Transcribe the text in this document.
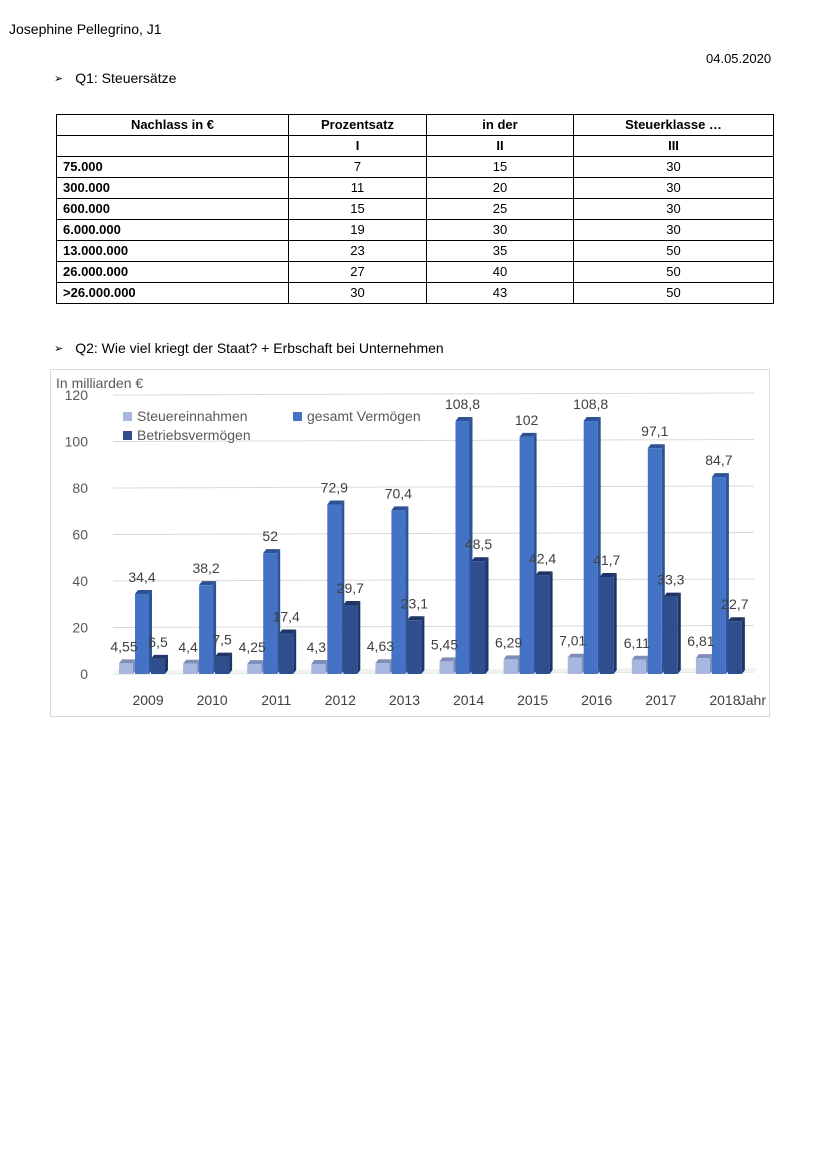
Josephine Pellegrino, J1
04.05.2020
➢ Q1: Steuersätze
Nachlass in €	Prozentsatz	in der	Steuerklasse …
	I	II	III
75.000	7	15	30
300.000	11	20	30
600.000	15	25	30
6.000.000	19	30	30
13.000.000	23	35	50
26.000.000	27	40	50
>26.000.000	30	43	50
➢ Q2: Wie viel kriegt der Staat? + Erbschaft bei Unternehmen
0
20
40
60
80
100
120
In milliarden €
Steuereinnahmen	gesamt Vermögen
Betriebsvermögen
2009 2010 2011 2012 2013 2014 2015 2016 2017 2018
Jahr
4,55
34,4
6,5 4,4
38,2
7,5 4,25
52
17,4
4,3
72,9
29,7
4,63
70,4
23,1
5,45
108,8
48,5
6,29
102
42,4
7,01
108,8
41,7
6,11
97,1
33,3
6,81
84,7
22,7
